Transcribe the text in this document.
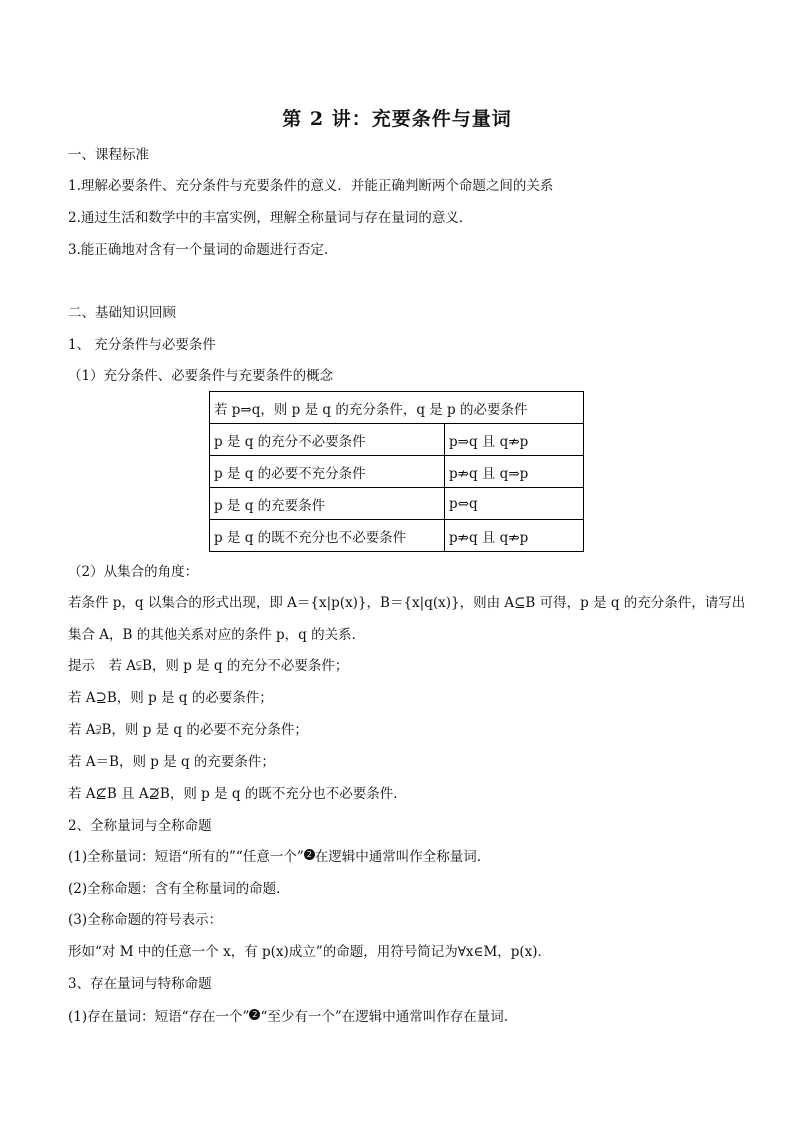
第 2 讲：充要条件与量词
一、课程标准
1.理解必要条件、充分条件与充要条件的意义．并能正确判断两个命题之间的关系
2.通过生活和数学中的丰富实例，理解全称量词与存在量词的意义．
3.能正确地对含有一个量词的命题进行否定.
二、基础知识回顾
1、 充分条件与必要条件
（1）充分条件、必要条件与充要条件的概念
若 p⇒q，则 p 是 q 的充分条件，q 是 p 的必要条件	
p 是 q 的充分不必要条件	p⇒q 且 q⇏p
p 是 q 的必要不充分条件	p⇏q 且 q⇒p
p 是 q 的充要条件	p⇔q
p 是 q 的既不充分也不必要条件	p⇏q 且 q⇏p
（2）从集合的角度：
若条件 p，q 以集合的形式出现，即 A＝{x|p(x)}，B＝{x|q(x)}，则由 A⊆B 可得，p 是 q 的充分条件，请写出
集合 A，B 的其他关系对应的条件 p，q 的关系．
提示　若 A⫋B，则 p 是 q 的充分不必要条件；
若 A⊇B，则 p 是 q 的必要条件；
若 A⫌B，则 p 是 q 的必要不充分条件；
若 A＝B，则 p 是 q 的充要条件；
若 A⊈B 且 A⊉B，则 p 是 q 的既不充分也不必要条件．
2、全称量词与全称命题
(1)全称量词：短语“所有的”“任意一个” 2 在逻辑中通常叫作全称量词.
(2)全称命题：含有全称量词的命题．
(3)全称命题的符号表示：
形如“对 M 中的任意一个 x，有 p(x)成立”的命题，用符号简记为∀x∈M，p(x)．
3、存在量词与特称命题
(1)存在量词：短语“存在一个” 2 “至少有一个”在逻辑中通常叫作存在量词.
